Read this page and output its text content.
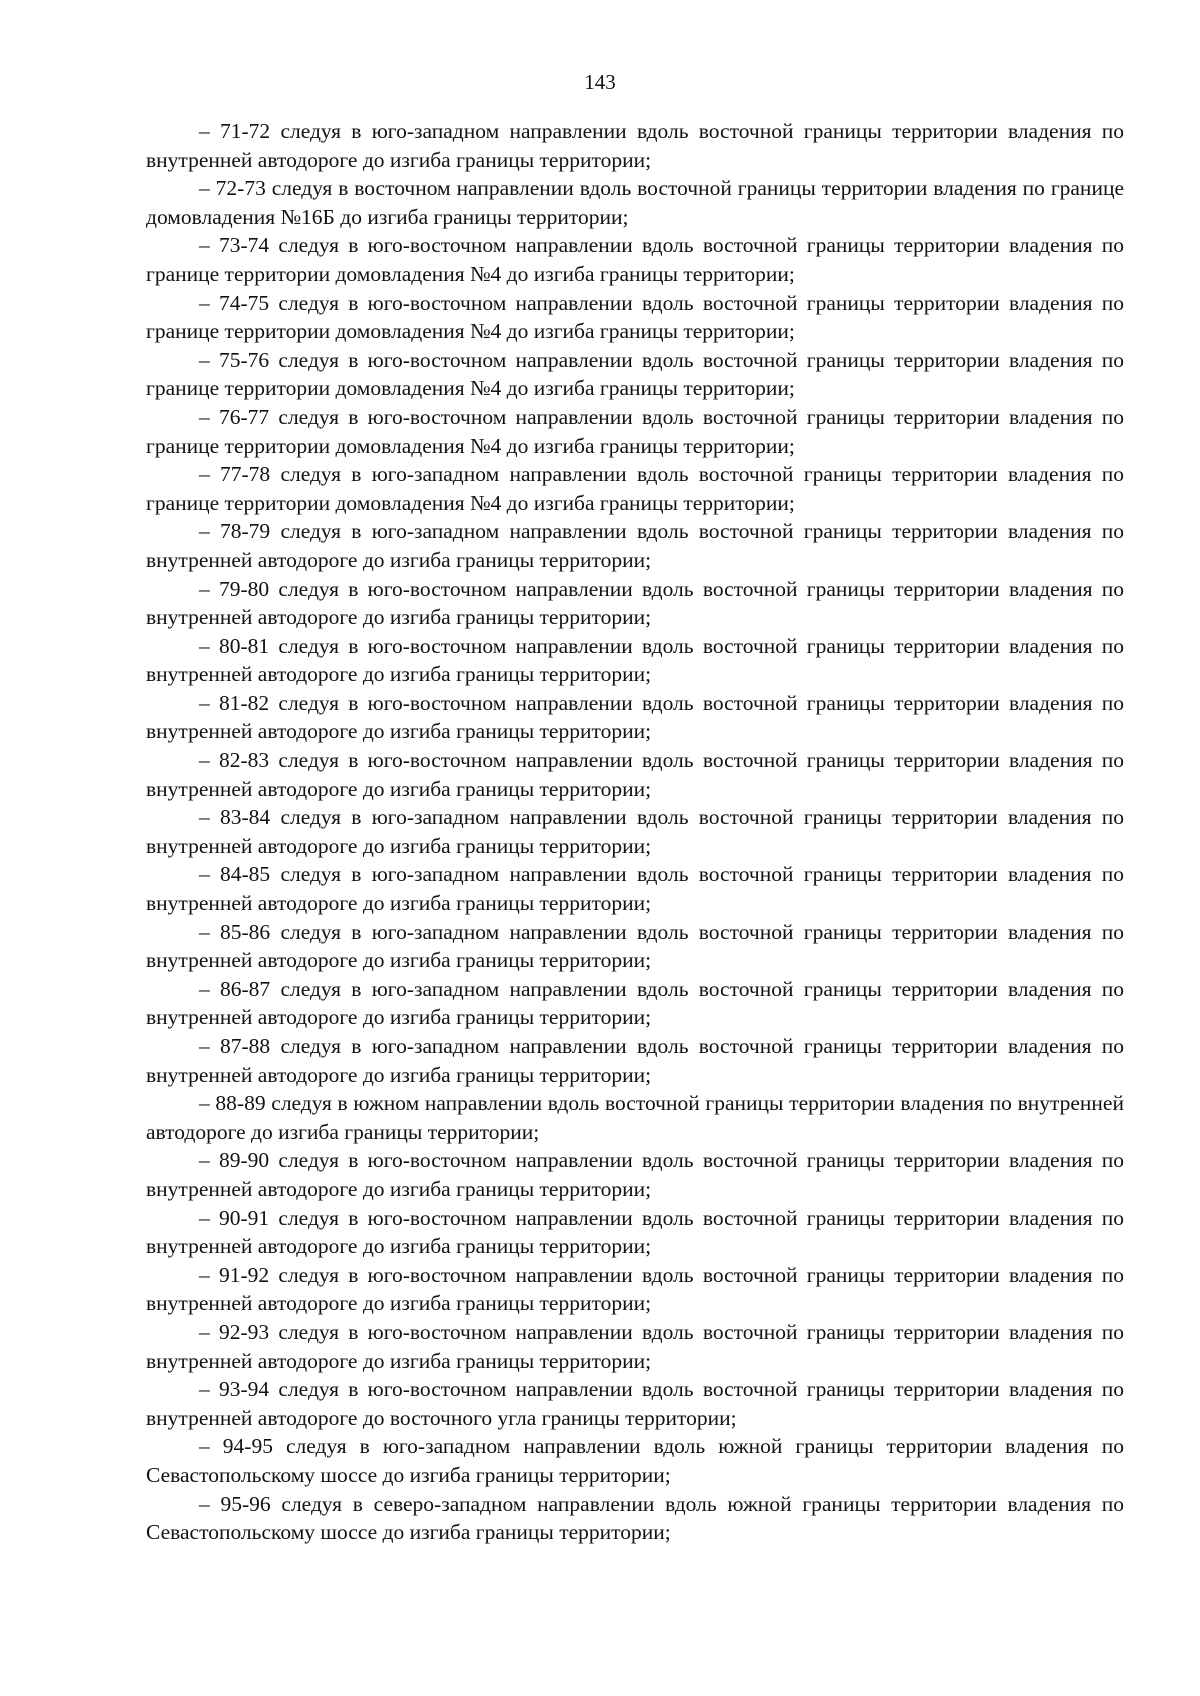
143
– 71-72 следуя в юго-западном направлении вдоль восточной границы территории владения по внутренней автодороге до изгиба границы территории;
– 72-73 следуя в восточном направлении вдоль восточной границы территории владения по границе домовладения №16Б до изгиба границы территории;
– 73-74 следуя в юго-восточном направлении вдоль восточной границы территории владения по границе территории домовладения №4 до изгиба границы территории;
– 74-75 следуя в юго-восточном направлении вдоль восточной границы территории владения по границе территории домовладения №4 до изгиба границы территории;
– 75-76 следуя в юго-восточном направлении вдоль восточной границы территории владения по границе территории домовладения №4 до изгиба границы территории;
– 76-77 следуя в юго-восточном направлении вдоль восточной границы территории владения по границе территории домовладения №4 до изгиба границы территории;
– 77-78 следуя в юго-западном направлении вдоль восточной границы территории владения по границе территории домовладения №4 до изгиба границы территории;
– 78-79 следуя в юго-западном направлении вдоль восточной границы территории владения по внутренней автодороге до изгиба границы территории;
– 79-80 следуя в юго-восточном направлении вдоль восточной границы территории владения по внутренней автодороге до изгиба границы территории;
– 80-81 следуя в юго-восточном направлении вдоль восточной границы территории владения по внутренней автодороге до изгиба границы территории;
– 81-82 следуя в юго-восточном направлении вдоль восточной границы территории владения по внутренней автодороге до изгиба границы территории;
– 82-83 следуя в юго-восточном направлении вдоль восточной границы территории владения по внутренней автодороге до изгиба границы территории;
– 83-84 следуя в юго-западном направлении вдоль восточной границы территории владения по внутренней автодороге до изгиба границы территории;
– 84-85 следуя в юго-западном направлении вдоль восточной границы территории владения по внутренней автодороге до изгиба границы территории;
– 85-86 следуя в юго-западном направлении вдоль восточной границы территории владения по внутренней автодороге до изгиба границы территории;
– 86-87 следуя в юго-западном направлении вдоль восточной границы территории владения по внутренней автодороге до изгиба границы территории;
– 87-88 следуя в юго-западном направлении вдоль восточной границы территории владения по внутренней автодороге до изгиба границы территории;
– 88-89 следуя в южном направлении вдоль восточной границы территории владения по внутренней автодороге до изгиба границы территории;
– 89-90 следуя в юго-восточном направлении вдоль восточной границы территории владения по внутренней автодороге до изгиба границы территории;
– 90-91 следуя в юго-восточном направлении вдоль восточной границы территории владения по внутренней автодороге до изгиба границы территории;
– 91-92 следуя в юго-восточном направлении вдоль восточной границы территории владения по внутренней автодороге до изгиба границы территории;
– 92-93 следуя в юго-восточном направлении вдоль восточной границы территории владения по внутренней автодороге до изгиба границы территории;
– 93-94 следуя в юго-восточном направлении вдоль восточной границы территории владения по внутренней автодороге до восточного угла границы территории;
– 94-95 следуя в юго-западном направлении вдоль южной границы территории владения по Севастопольскому шоссе до изгиба границы территории;
– 95-96 следуя в северо-западном направлении вдоль южной границы территории владения по Севастопольскому шоссе до изгиба границы территории;
